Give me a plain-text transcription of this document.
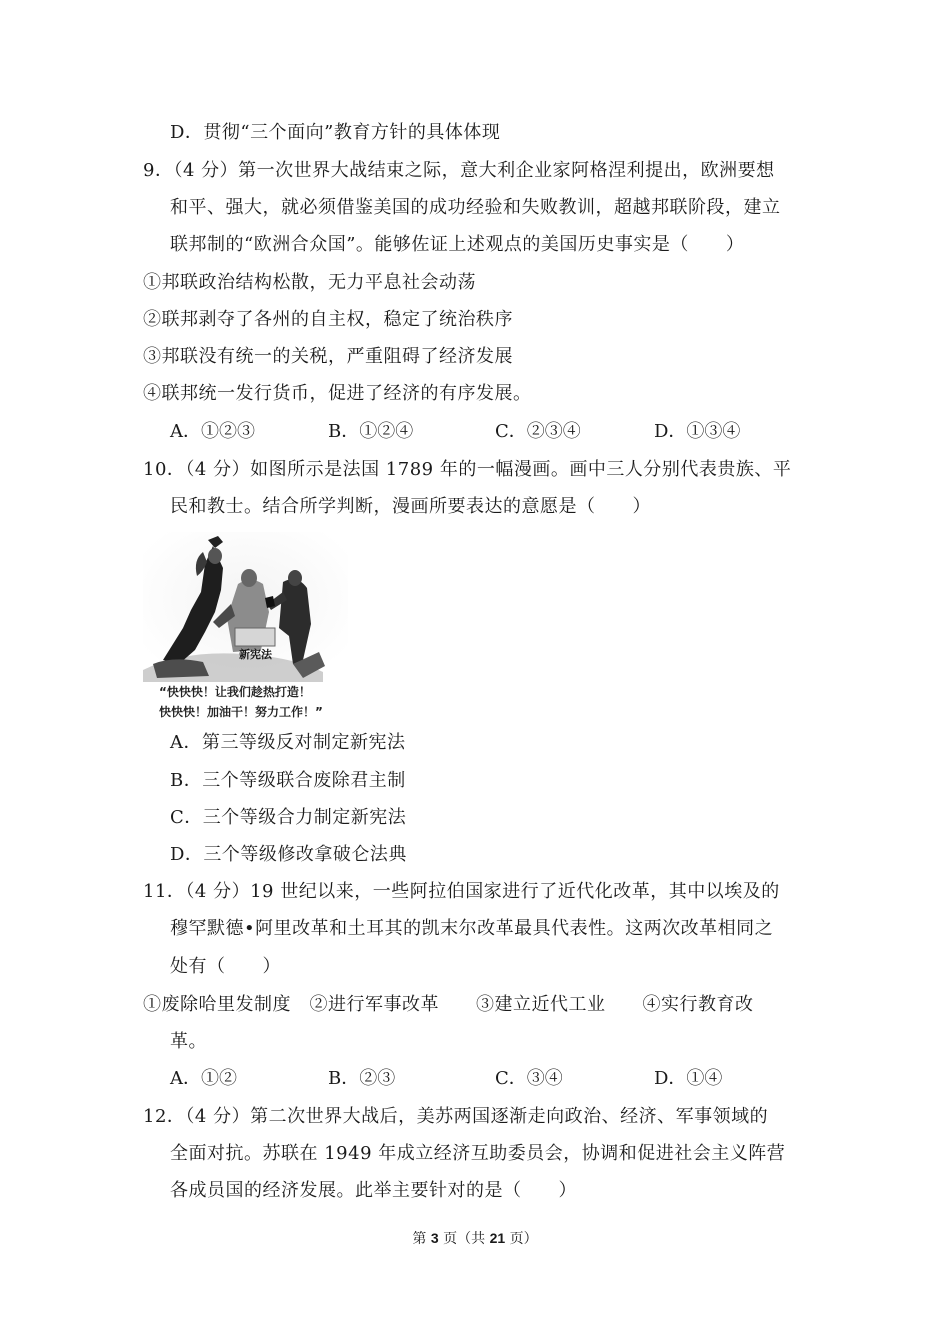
D．贯彻“三个面向”教育方针的具体体现
9．（4 分）第一次世界大战结束之际，意大利企业家阿格涅利提出，欧洲要想
和平、强大，就必须借鉴美国的成功经验和失败教训，超越邦联阶段，建立
联邦制的“欧洲合众国”。能够佐证上述观点的美国历史事实是（　　）
①邦联政治结构松散，无力平息社会动荡
②联邦剥夺了各州的自主权，稳定了统治秩序
③邦联没有统一的关税，严重阻碍了经济发展
④联邦统一发行货币，促进了经济的有序发展。
A．①②③	B．①②④	C．②③④	D．①③④
10．（4 分）如图所示是法国 1789 年的一幅漫画。画中三人分别代表贵族、平
民和教士。结合所学判断，漫画所要表达的意愿是（　　）
新宪法
“快快快！让我们趁热打造！
快快快！加油干！努力工作！”
A．第三等级反对制定新宪法
B．三个等级联合废除君主制
C．三个等级合力制定新宪法
D．三个等级修改拿破仑法典
11．（4 分）19 世纪以来，一些阿拉伯国家进行了近代化改革，其中以埃及的
穆罕默德•阿里改革和土耳其的凯末尔改革最具代表性。这两次改革相同之
处有（　　）
①废除哈里发制度　②进行军事改革　　③建立近代工业　　④实行教育改
革。
A．①②	B．②③	C．③④	D．①④
12．（4 分）第二次世界大战后，美苏两国逐渐走向政治、经济、军事领域的
全面对抗。苏联在 1949 年成立经济互助委员会，协调和促进社会主义阵营
各成员国的经济发展。此举主要针对的是（　　）
第 3 页（共 21 页）
